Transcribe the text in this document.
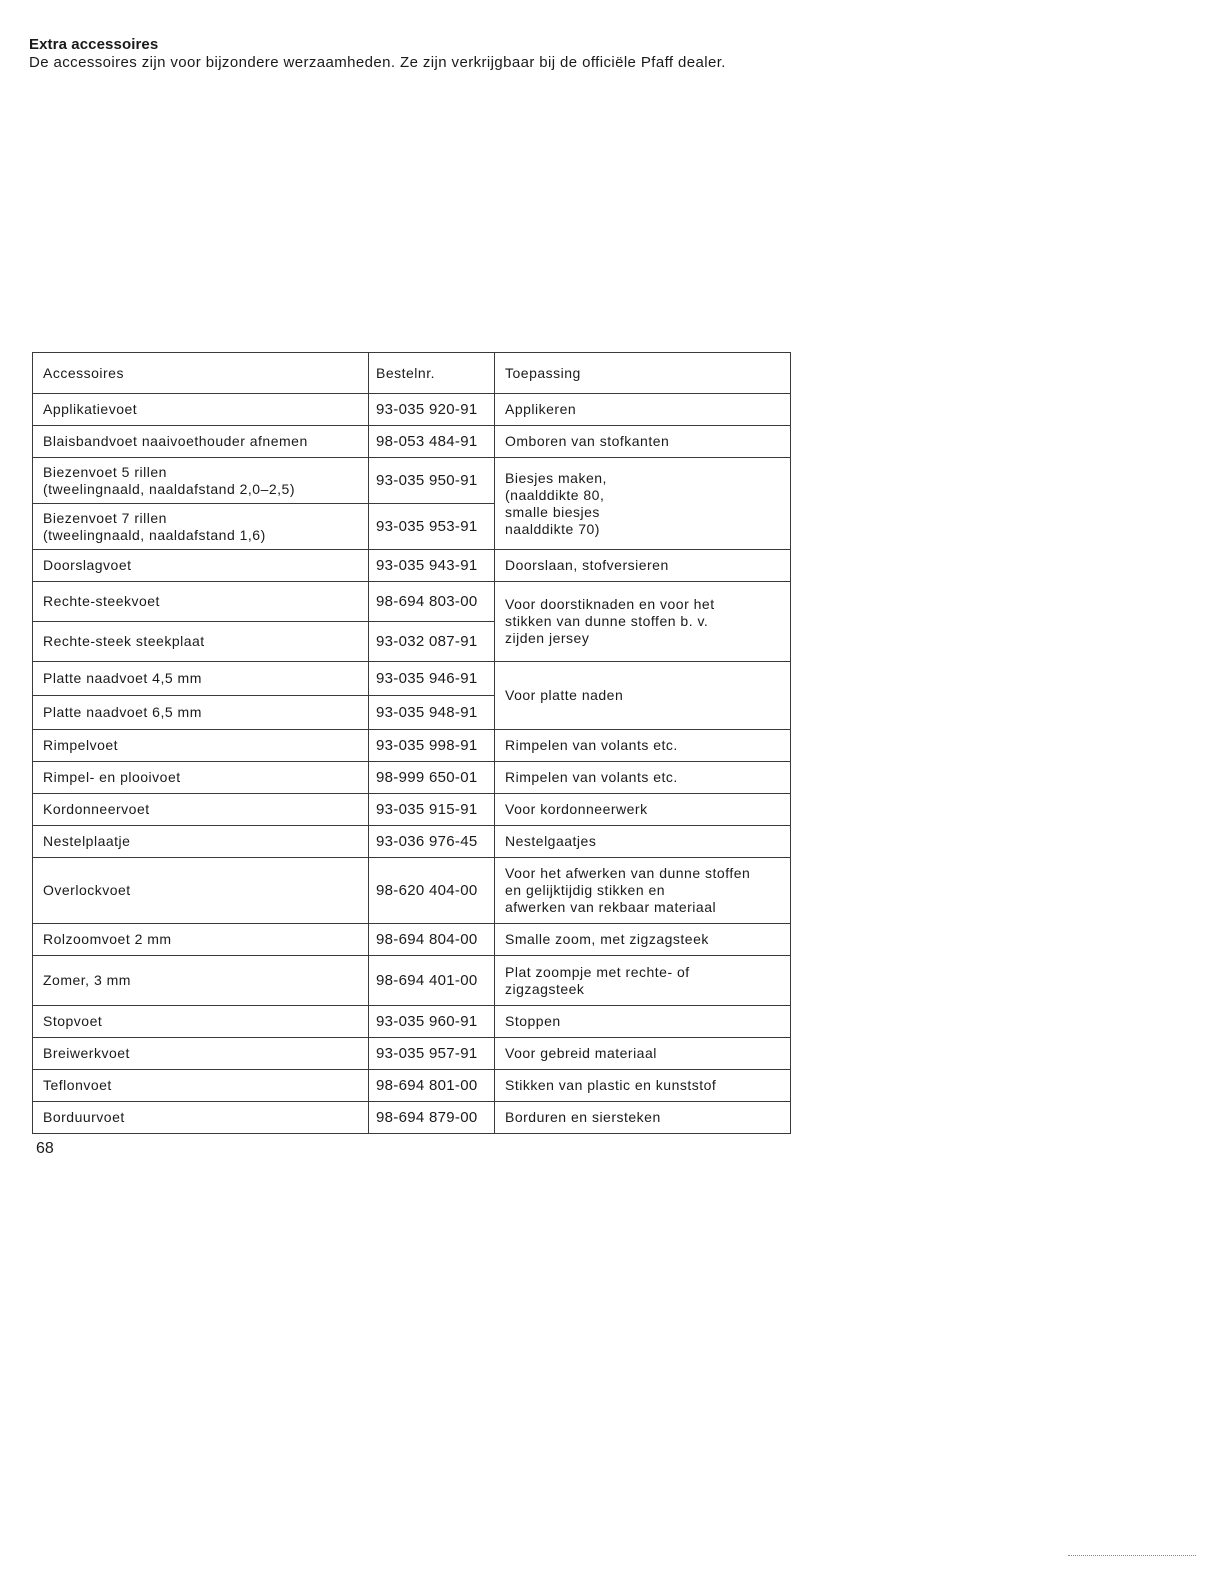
Extra accessoires
De accessoires zijn voor bijzondere werzaamheden. Ze zijn verkrijgbaar bij de officiële Pfaff dealer.
Accessoires	Bestelnr.	Toepassing
Applikatievoet	93-035 920-91	Applikeren
Blaisbandvoet naaivoethouder afnemen	98-053 484-91	Omboren van stofkanten
Biezenvoet 5 rillen
(tweelingnaald, naaldafstand 2,0–2,5)	93-035 950-91	Biesjes maken,
(naalddikte 80,
smalle biesjes
naalddikte 70)
Biezenvoet 7 rillen
(tweelingnaald, naaldafstand 1,6)	93-035 953-91	
Doorslagvoet	93-035 943-91	Doorslaan, stofversieren
Rechte-steekvoet	98-694 803-00	Voor doorstiknaden en voor het
stikken van dunne stoffen b. v.
zijden jersey
Rechte-steek steekplaat	93-032 087-91	
Platte naadvoet 4,5 mm	93-035 946-91	Voor platte naden
Platte naadvoet 6,5 mm	93-035 948-91	
Rimpelvoet	93-035 998-91	Rimpelen van volants etc.
Rimpel- en plooivoet	98-999 650-01	Rimpelen van volants etc.
Kordonneervoet	93-035 915-91	Voor kordonneerwerk
Nestelplaatje	93-036 976-45	Nestelgaatjes
Overlockvoet	98-620 404-00	Voor het afwerken van dunne stoffen
en gelijktijdig stikken en
afwerken van rekbaar materiaal
Rolzoomvoet 2 mm	98-694 804-00	Smalle zoom, met zigzagsteek
Zomer, 3 mm	98-694 401-00	Plat zoompje met rechte- of
zigzagsteek
Stopvoet	93-035 960-91	Stoppen
Breiwerkvoet	93-035 957-91	Voor gebreid materiaal
Teflonvoet	98-694 801-00	Stikken van plastic en kunststof
Borduurvoet	98-694 879-00	Borduren en siersteken
68
